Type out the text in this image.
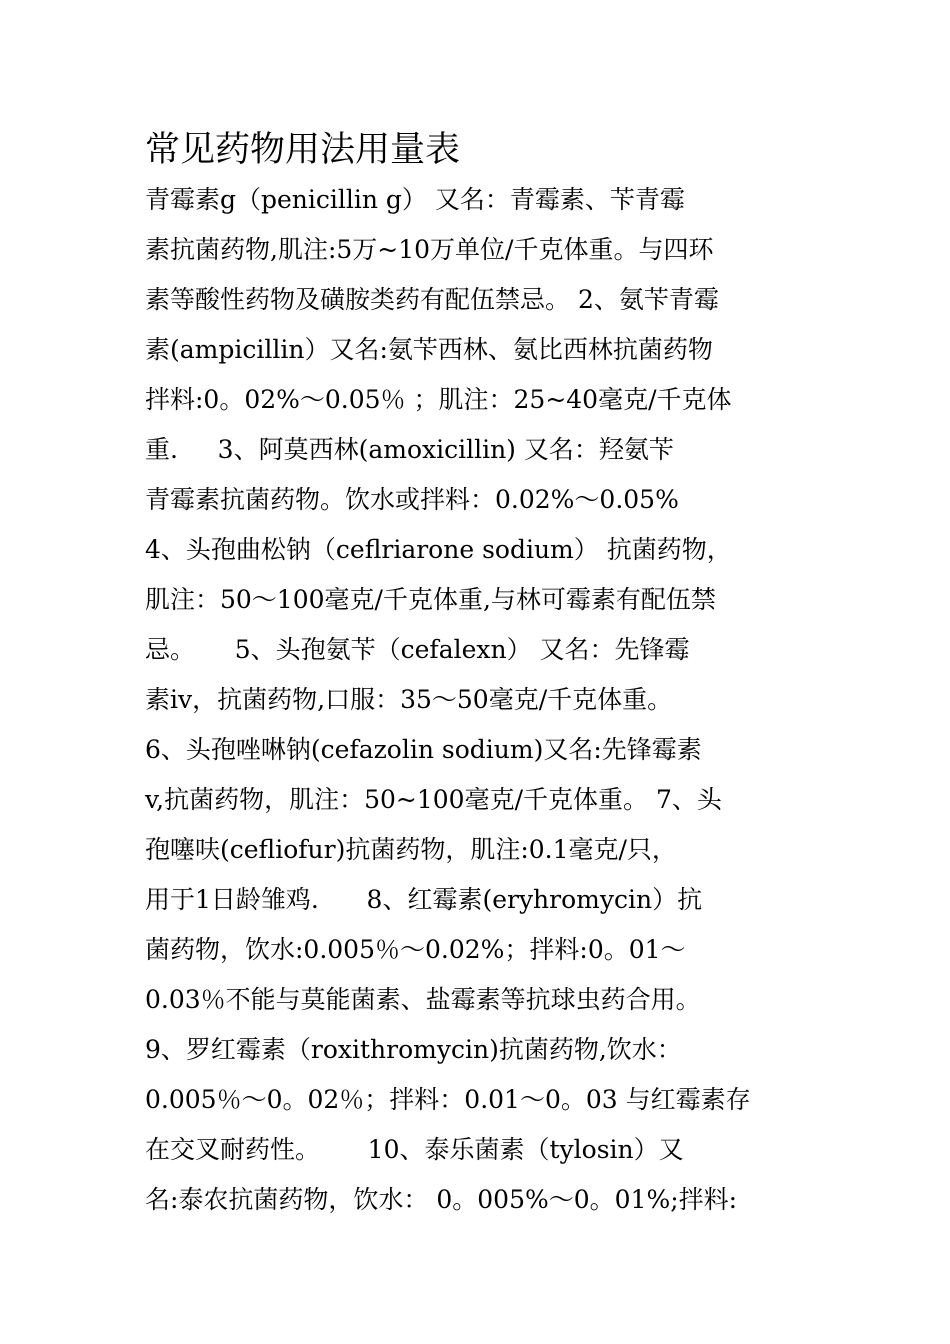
常见药物用法用量表
青霉素g（penicillin g） 又名：青霉素、苄青霉
素抗菌药物,肌注:5万~10万单位/千克体重。与四环
素等酸性药物及磺胺类药有配伍禁忌。 2、氨苄青霉
素(ampicillin）又名:氨苄西林、氨比西林抗菌药物
拌料:0。02%～0.05％ ；肌注：25~40毫克/千克体
重.     3、阿莫西林(amoxicillin) 又名：羟氨苄
青霉素抗菌药物。饮水或拌料：0.02%～0.05%
4、头孢曲松钠（ceflriarone sodium） 抗菌药物，
肌注：50～100毫克/千克体重,与林可霉素有配伍禁
忌。     5、头孢氨苄（cefalexn） 又名：先锋霉
素iv，抗菌药物,口服：35～50毫克/千克体重。
6、头孢唑啉钠(cefazolin sodium)又名:先锋霉素
v,抗菌药物，肌注：50~100毫克/千克体重。 7、头
孢噻呋(cefliofur)抗菌药物，肌注:0.1毫克/只，
用于1日龄雏鸡.      8、红霉素(eryhromycin）抗
菌药物，饮水:0.005％～0.02%；拌料:0。01～
0.03％不能与莫能菌素、盐霉素等抗球虫药合用。
9、罗红霉素（roxithromycin)抗菌药物,饮水：
0.005％～0。02％；拌料：0.01～0。03 与红霉素存
在交叉耐药性。      10、泰乐菌素（tylosin）又
名:泰农抗菌药物，饮水： 0。005%～0。01%;拌料:
